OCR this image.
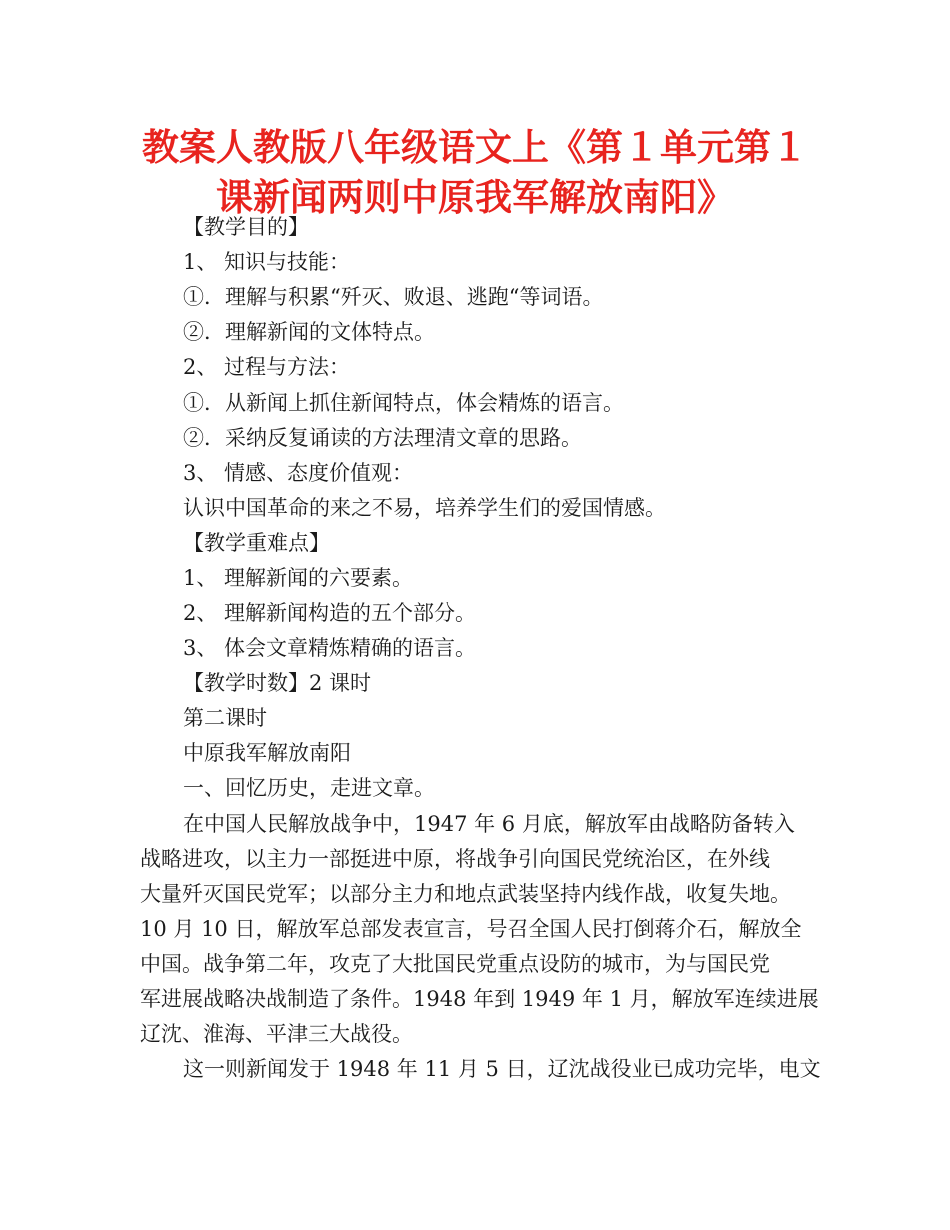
教案人教版八年级语文上《第１单元第１
课新闻两则中原我军解放南阳》
【教学目的】
1、 知识与技能：
①．理解与积累“歼灭、败退、逃跑“等词语。
②．理解新闻的文体特点。
2、 过程与方法：
①．从新闻上抓住新闻特点，体会精炼的语言。
②．采纳反复诵读的方法理清文章的思路。
3、 情感、态度价值观：
认识中国革命的来之不易，培养学生们的爱国情感。
【教学重难点】
1、 理解新闻的六要素。
2、 理解新闻构造的五个部分。
3、 体会文章精炼精确的语言。
【教学时数】2 课时
第二课时
中原我军解放南阳
一、回忆历史，走进文章。
在中国人民解放战争中，1947 年 6 月底，解放军由战略防备转入
战略进攻，以主力一部挺进中原，将战争引向国民党统治区，在外线
大量歼灭国民党军；以部分主力和地点武装坚持内线作战，收复失地。
10 月 10 日，解放军总部发表宣言，号召全国人民打倒蒋介石，解放全
中国。战争第二年，攻克了大批国民党重点设防的城市，为与国民党
军进展战略决战制造了条件。1948 年到 1949 年 1 月，解放军连续进展
辽沈、淮海、平津三大战役。
这一则新闻发于 1948 年 11 月 5 日，辽沈战役业已成功完毕，电文
